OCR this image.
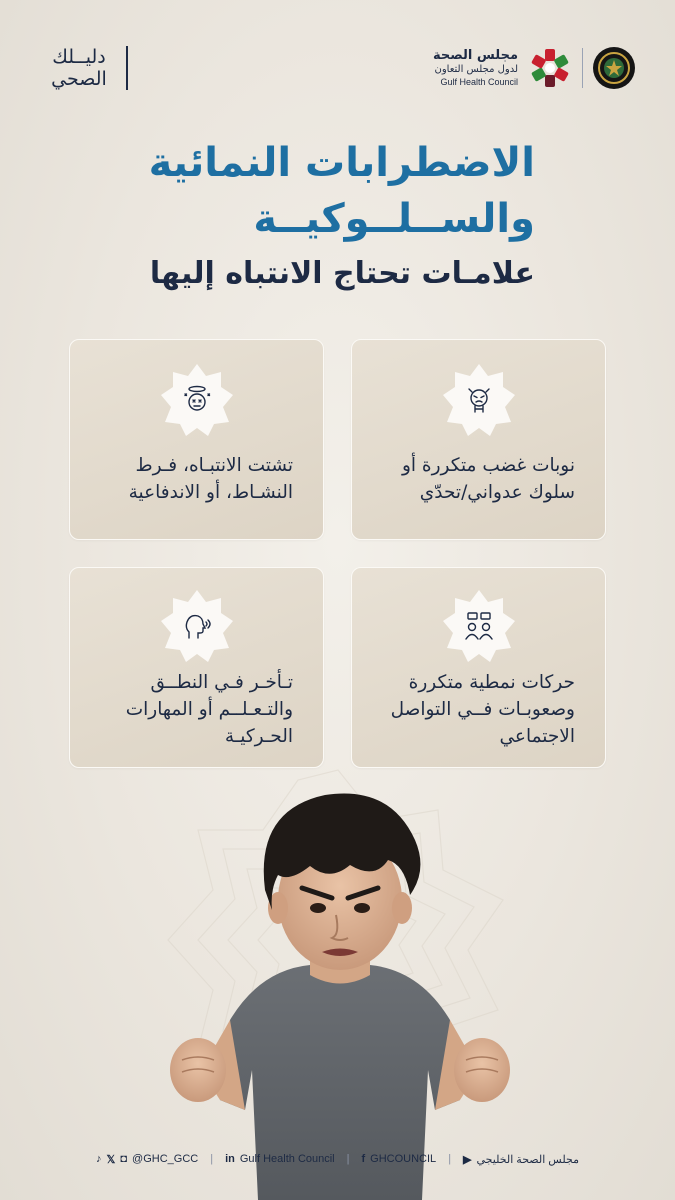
دليــلك
الصحي
مجلس الصحة
لدول مجلس التعاون
Gulf Health Council
الاضطرابات النمائية
والســلــوكيــة
علامـات تحتاج الانتباه إليها
نوبات غضب متكررة أو سلوك عدواني/تحدّي
تشتت الانتبـاه، فـرط النشـاط، أو الاندفاعية
حركات نمطية متكررة وصعوبـات فــي التواصل الاجتماعي
تـأخـر فـي النطــق والتـعـلــم أو المهارات الحـركيـة
♪ 𝕏 ◘ @GHC_GCC | in Gulf Health Council | f GHCOUNCIL | ▶ مجلس الصحة الخليجي
